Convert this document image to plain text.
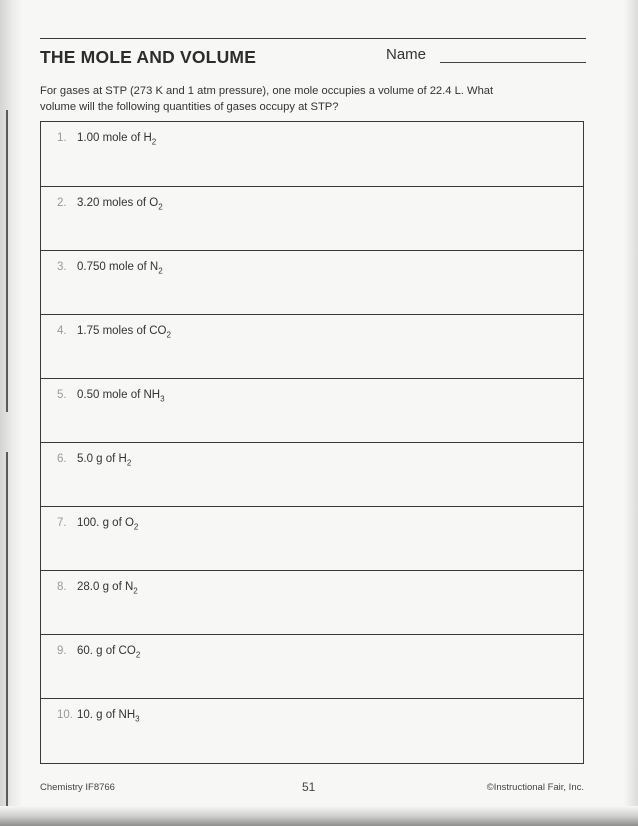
THE MOLE AND VOLUME	Name
For gases at STP (273 K and 1 atm pressure), one mole occupies a volume of 22.4 L. What
volume will the following quantities of gases occupy at STP?
1. 1.00 mole of $H_2$
2. 3.20 moles of $O_2$
3. 0.750 mole of $N_2$
4. 1.75 moles of $CO_2$
5. 0.50 mole of $NH_3$
6. 5.0 g of $H_2$
7. 100. g of $O_2$
8. 28.0 g of $N_2$
9. 60. g of $CO_2$
10. 10. g of $NH_3$
Chemistry IF8766	51	©Instructional Fair, Inc.
